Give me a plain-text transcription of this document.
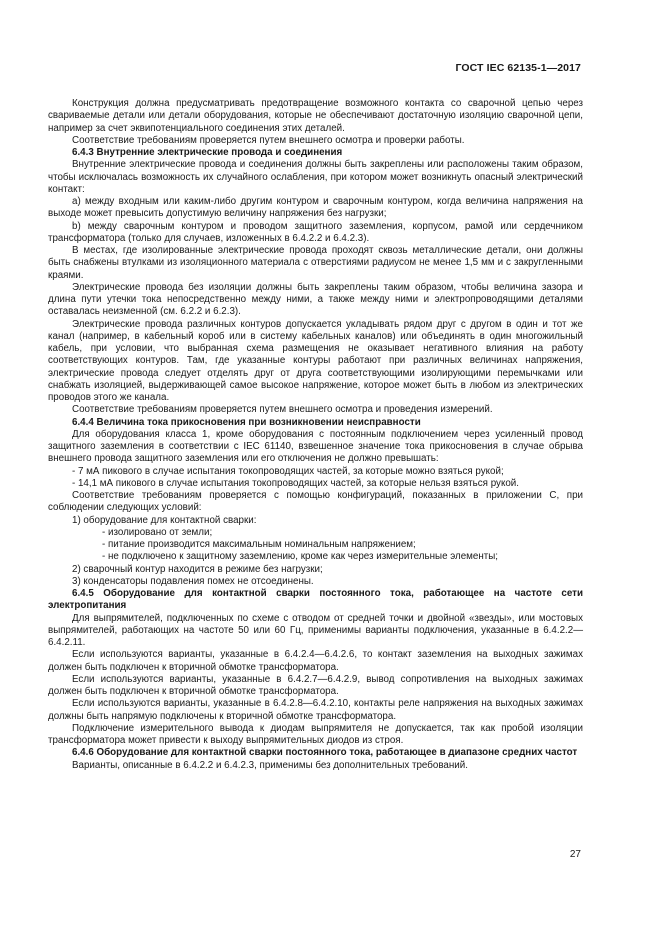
ГОСТ IEC 62135-1—2017

Конструкция должна предусматривать предотвращение возможного контакта со сварочной цепью через свариваемые детали или детали оборудования, которые не обеспечивают достаточную изоляцию сварочной цепи, например за счет эквипотенциального соединения этих деталей.

Соответствие требованиям проверяется путем внешнего осмотра и проверки работы.

6.4.3 Внутренние электрические провода и соединения

Внутренние электрические провода и соединения должны быть закреплены или расположены таким образом, чтобы исключалась возможность их случайного ослабления, при котором может возникнуть опасный электрический контакт:

a) между входным или каким-либо другим контуром и сварочным контуром, когда величина напряжения на выходе может превысить допустимую величину напряжения без нагрузки;

b) между сварочным контуром и проводом защитного заземления, корпусом, рамой или сердечником трансформатора (только для случаев, изложенных в 6.4.2.2 и 6.4.2.3).

В местах, где изолированные электрические провода проходят сквозь металлические детали, они должны быть снабжены втулками из изоляционного материала с отверстиями радиусом не менее 1,5 мм и с закругленными краями.

Электрические провода без изоляции должны быть закреплены таким образом, чтобы величина зазора и длина пути утечки тока непосредственно между ними, а также между ними и электропроводящими деталями оставалась неизменной (см. 6.2.2 и 6.2.3).

Электрические провода различных контуров допускается укладывать рядом друг с другом в один и тот же канал (например, в кабельный короб или в систему кабельных каналов) или объединять в один многожильный кабель, при условии, что выбранная схема размещения не оказывает негативного влияния на работу соответствующих контуров. Там, где указанные контуры работают при различных величинах напряжения, электрические провода следует отделять друг от друга соответствующими изолирующими перемычками или снабжать изоляцией, выдерживающей самое высокое напряжение, которое может быть в любом из электрических проводов этого же канала.

Соответствие требованиям проверяется путем внешнего осмотра и проведения измерений.

6.4.4 Величина тока прикосновения при возникновении неисправности

Для оборудования класса 1, кроме оборудования с постоянным подключением через усиленный провод защитного заземления в соответствии с IEC 61140, взвешенное значение тока прикосновения в случае обрыва внешнего провода защитного заземления или его отключения не должно превышать:

- 7 мА пикового в случае испытания токопроводящих частей, за которые можно взяться рукой;

- 14,1 мА пикового в случае испытания токопроводящих частей, за которые нельзя взяться рукой.

Соответствие требованиям проверяется с помощью конфигураций, показанных в приложении С, при соблюдении следующих условий:

1) оборудование для контактной сварки:

- изолировано от земли;

- питание производится максимальным номинальным напряжением;

- не подключено к защитному заземлению, кроме как через измерительные элементы;

2) сварочный контур находится в режиме без нагрузки;

3) конденсаторы подавления помех не отсоединены.

6.4.5 Оборудование для контактной сварки постоянного тока, работающее на частоте сети электропитания

Для выпрямителей, подключенных по схеме с отводом от средней точки и двойной «звезды», или мостовых выпрямителей, работающих на частоте 50 или 60 Гц, применимы варианты подключения, указанные в 6.4.2.2—6.4.2.11.

Если используются варианты, указанные в 6.4.2.4—6.4.2.6, то контакт заземления на выходных зажимах должен быть подключен к вторичной обмотке трансформатора.

Если используются варианты, указанные в 6.4.2.7—6.4.2.9, вывод сопротивления на выходных зажимах должен быть подключен к вторичной обмотке трансформатора.

Если используются варианты, указанные в 6.4.2.8—6.4.2.10, контакты реле напряжения на выходных зажимах должны быть напрямую подключены к вторичной обмотке трансформатора.

Подключение измерительного вывода к диодам выпрямителя не допускается, так как пробой изоляции трансформатора может привести к выходу выпрямительных диодов из строя.

6.4.6 Оборудование для контактной сварки постоянного тока, работающее в диапазоне средних частот

Варианты, описанные в 6.4.2.2 и 6.4.2.3, применимы без дополнительных требований.

27
